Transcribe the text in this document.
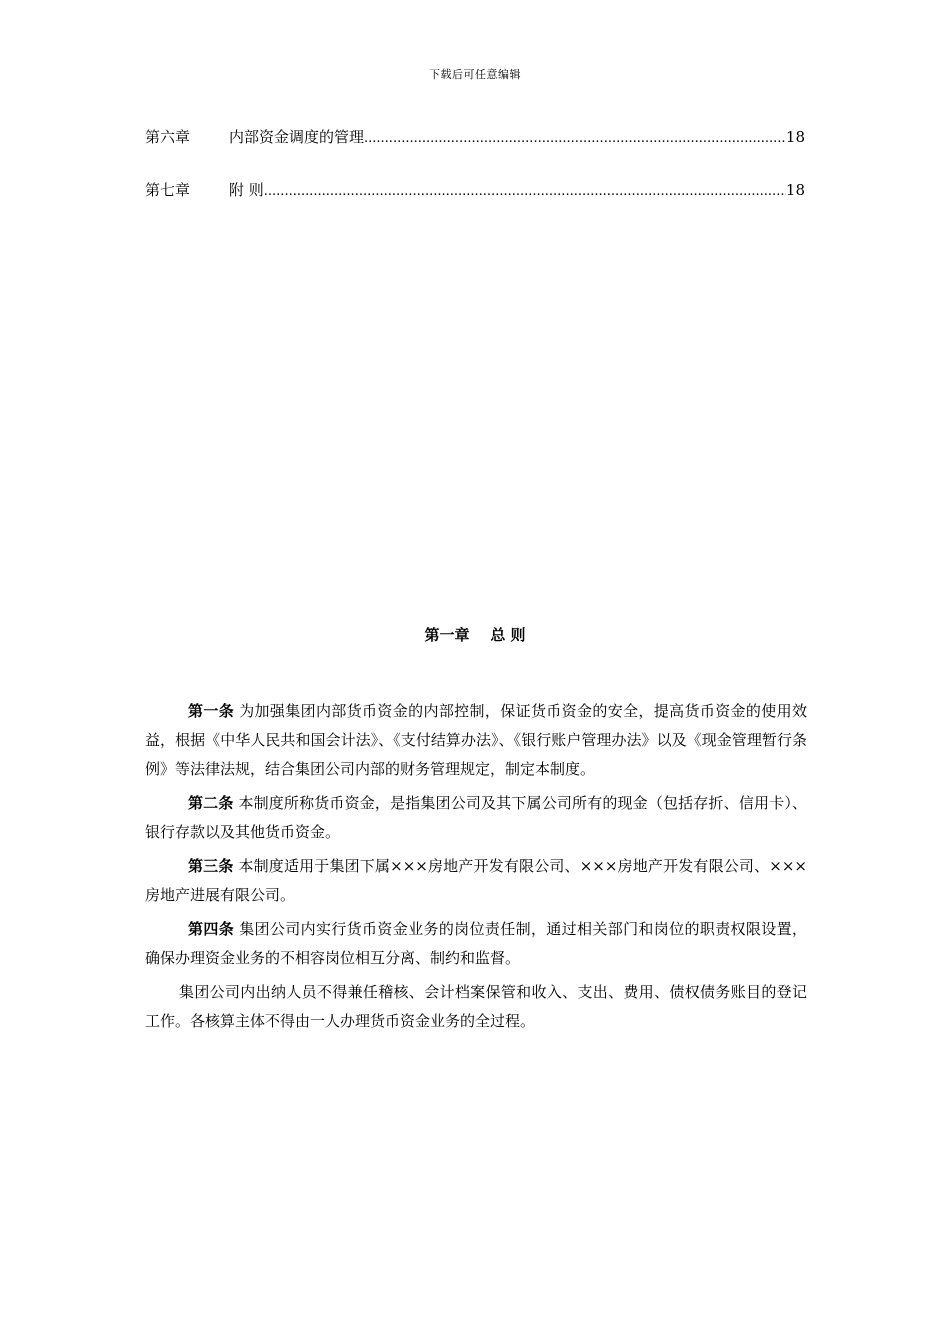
下载后可任意编辑
第六章	内部资金调度的管理 .....	18
第七章	附 则 .....	18
第一章    总 则

第一条 为加强集团内部货币资金的内部控制，保证货币资金的安全，提高货币资金的使用效益，根据《中华人民共和国会计法》、《支付结算办法》、《银行账户管理办法》以及《现金管理暂行条例》等法律法规，结合集团公司内部的财务管理规定，制定本制度。

第二条 本制度所称货币资金，是指集团公司及其下属公司所有的现金（包括存折、信用卡）、银行存款以及其他货币资金。

第三条 本制度适用于集团下属×××房地产开发有限公司、×××房地产开发有限公司、×××房地产进展有限公司。

第四条 集团公司内实行货币资金业务的岗位责任制，通过相关部门和岗位的职责权限设置，确保办理资金业务的不相容岗位相互分离、制约和监督。

集团公司内出纳人员不得兼任稽核、会计档案保管和收入、支出、费用、债权债务账目的登记工作。各核算主体不得由一人办理货币资金业务的全过程。
